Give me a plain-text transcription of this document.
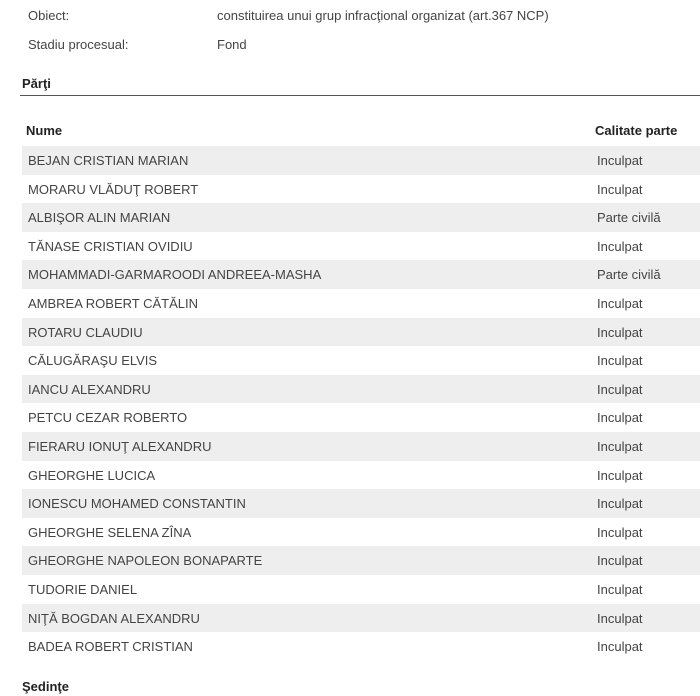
Obiect:	constituirea unui grup infracţional organizat (art.367 NCP)
Stadiu procesual:	Fond
Părţi
Nume	Calitate parte
BEJAN CRISTIAN MARIAN	Inculpat
MORARU VLĂDUŢ ROBERT	Inculpat
ALBIŞOR ALIN MARIAN	Parte civilă
TĂNASE CRISTIAN OVIDIU	Inculpat
MOHAMMADI-GARMAROODI ANDREEA-MASHA	Parte civilă
AMBREA ROBERT CĂTĂLIN	Inculpat
ROTARU CLAUDIU	Inculpat
CĂLUGĂRAŞU ELVIS	Inculpat
IANCU ALEXANDRU	Inculpat
PETCU CEZAR ROBERTO	Inculpat
FIERARU IONUŢ ALEXANDRU	Inculpat
GHEORGHE LUCICA	Inculpat
IONESCU MOHAMED CONSTANTIN	Inculpat
GHEORGHE SELENA ZÎNA	Inculpat
GHEORGHE NAPOLEON BONAPARTE	Inculpat
TUDORIE DANIEL	Inculpat
NIŢĂ BOGDAN ALEXANDRU	Inculpat
BADEA ROBERT CRISTIAN	Inculpat
Şedinţe
